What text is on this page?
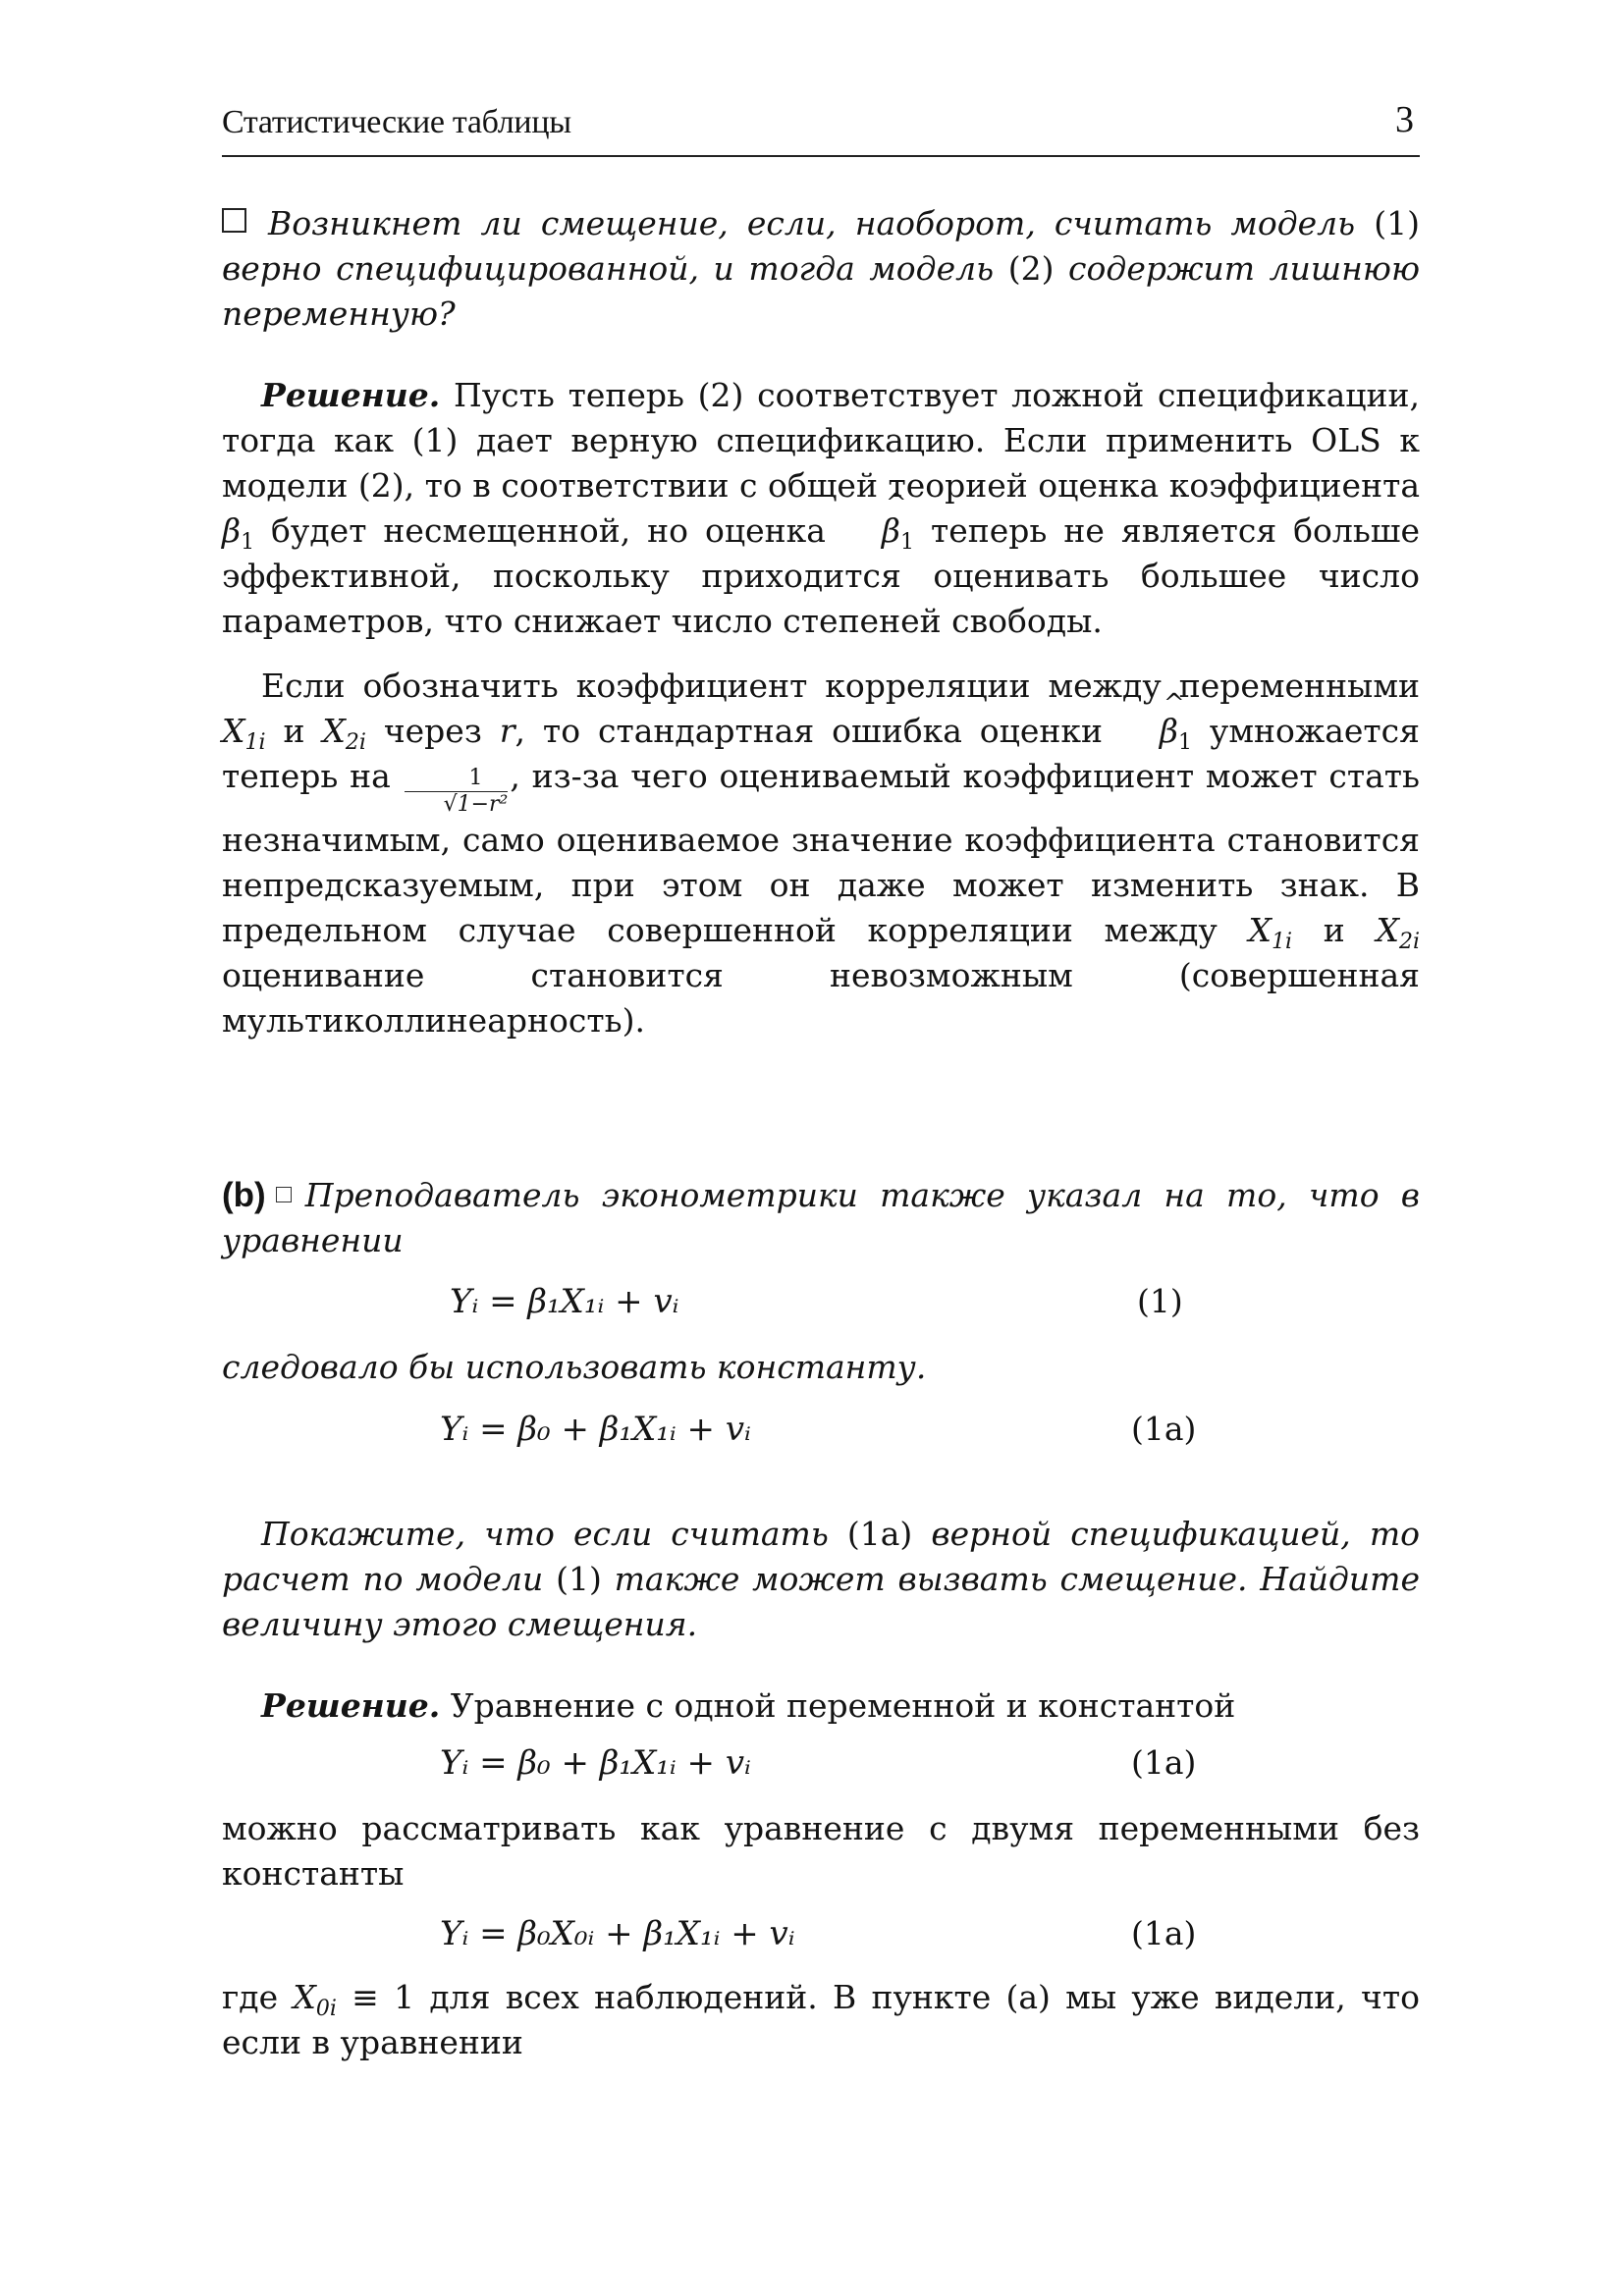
Статистические таблицы	3

Возникнет ли смещение, если, наоборот, считать модель (1) верно специфицированной, и тогда модель (2) содержит лишнюю переменную?

Решение. Пусть теперь (2) соответствует ложной спецификации, тогда как (1) дает верную спецификацию. Если применить OLS к модели (2), то в соответствии с общей теорией оценка коэффициента $\beta_1$ будет несмещенной, но оценка ^ $\beta_1$ теперь не является больше эффективной, поскольку приходится оценивать большее число параметров, что снижает число степеней свободы.

Если обозначить коэффициент корреляции между переменными $X_{1i}$ и $X_{2i}$ через r, то стандартная ошибка оценки ^ $\beta_1$ умножается теперь на $\frac{1}{\text{√1−r²}}$ , из-за чего оцениваемый коэффициент может стать незначимым, само оцениваемое значение коэффициента становится непредсказуемым, при этом он даже может изменить знак. В предельном случае совершенной корреляции между $X_{1i}$ и $X_{2i}$ оценивание становится невозможным (совершенная мультиколлинеарность).

(b) Преподаватель эконометрики также указал на то, что в уравнении

Yᵢ = β₁X₁ᵢ + vᵢ	(1)

следовало бы использовать константу.

Yᵢ = β₀ + β₁X₁ᵢ + vᵢ	(1a)

Покажите, что если считать (1a) верной спецификацией, то расчет по модели (1) также может вызвать смещение. Найдите величину этого смещения.

Решение. Уравнение с одной переменной и константой

Yᵢ = β₀ + β₁X₁ᵢ + vᵢ	(1a)

можно рассматривать как уравнение с двумя переменными без константы

Yᵢ = β₀X₀ᵢ + β₁X₁ᵢ + vᵢ	(1a)

где $X_{0i} \equiv 1$ для всех наблюдений. В пункте (a) мы уже видели, что если в уравнении
